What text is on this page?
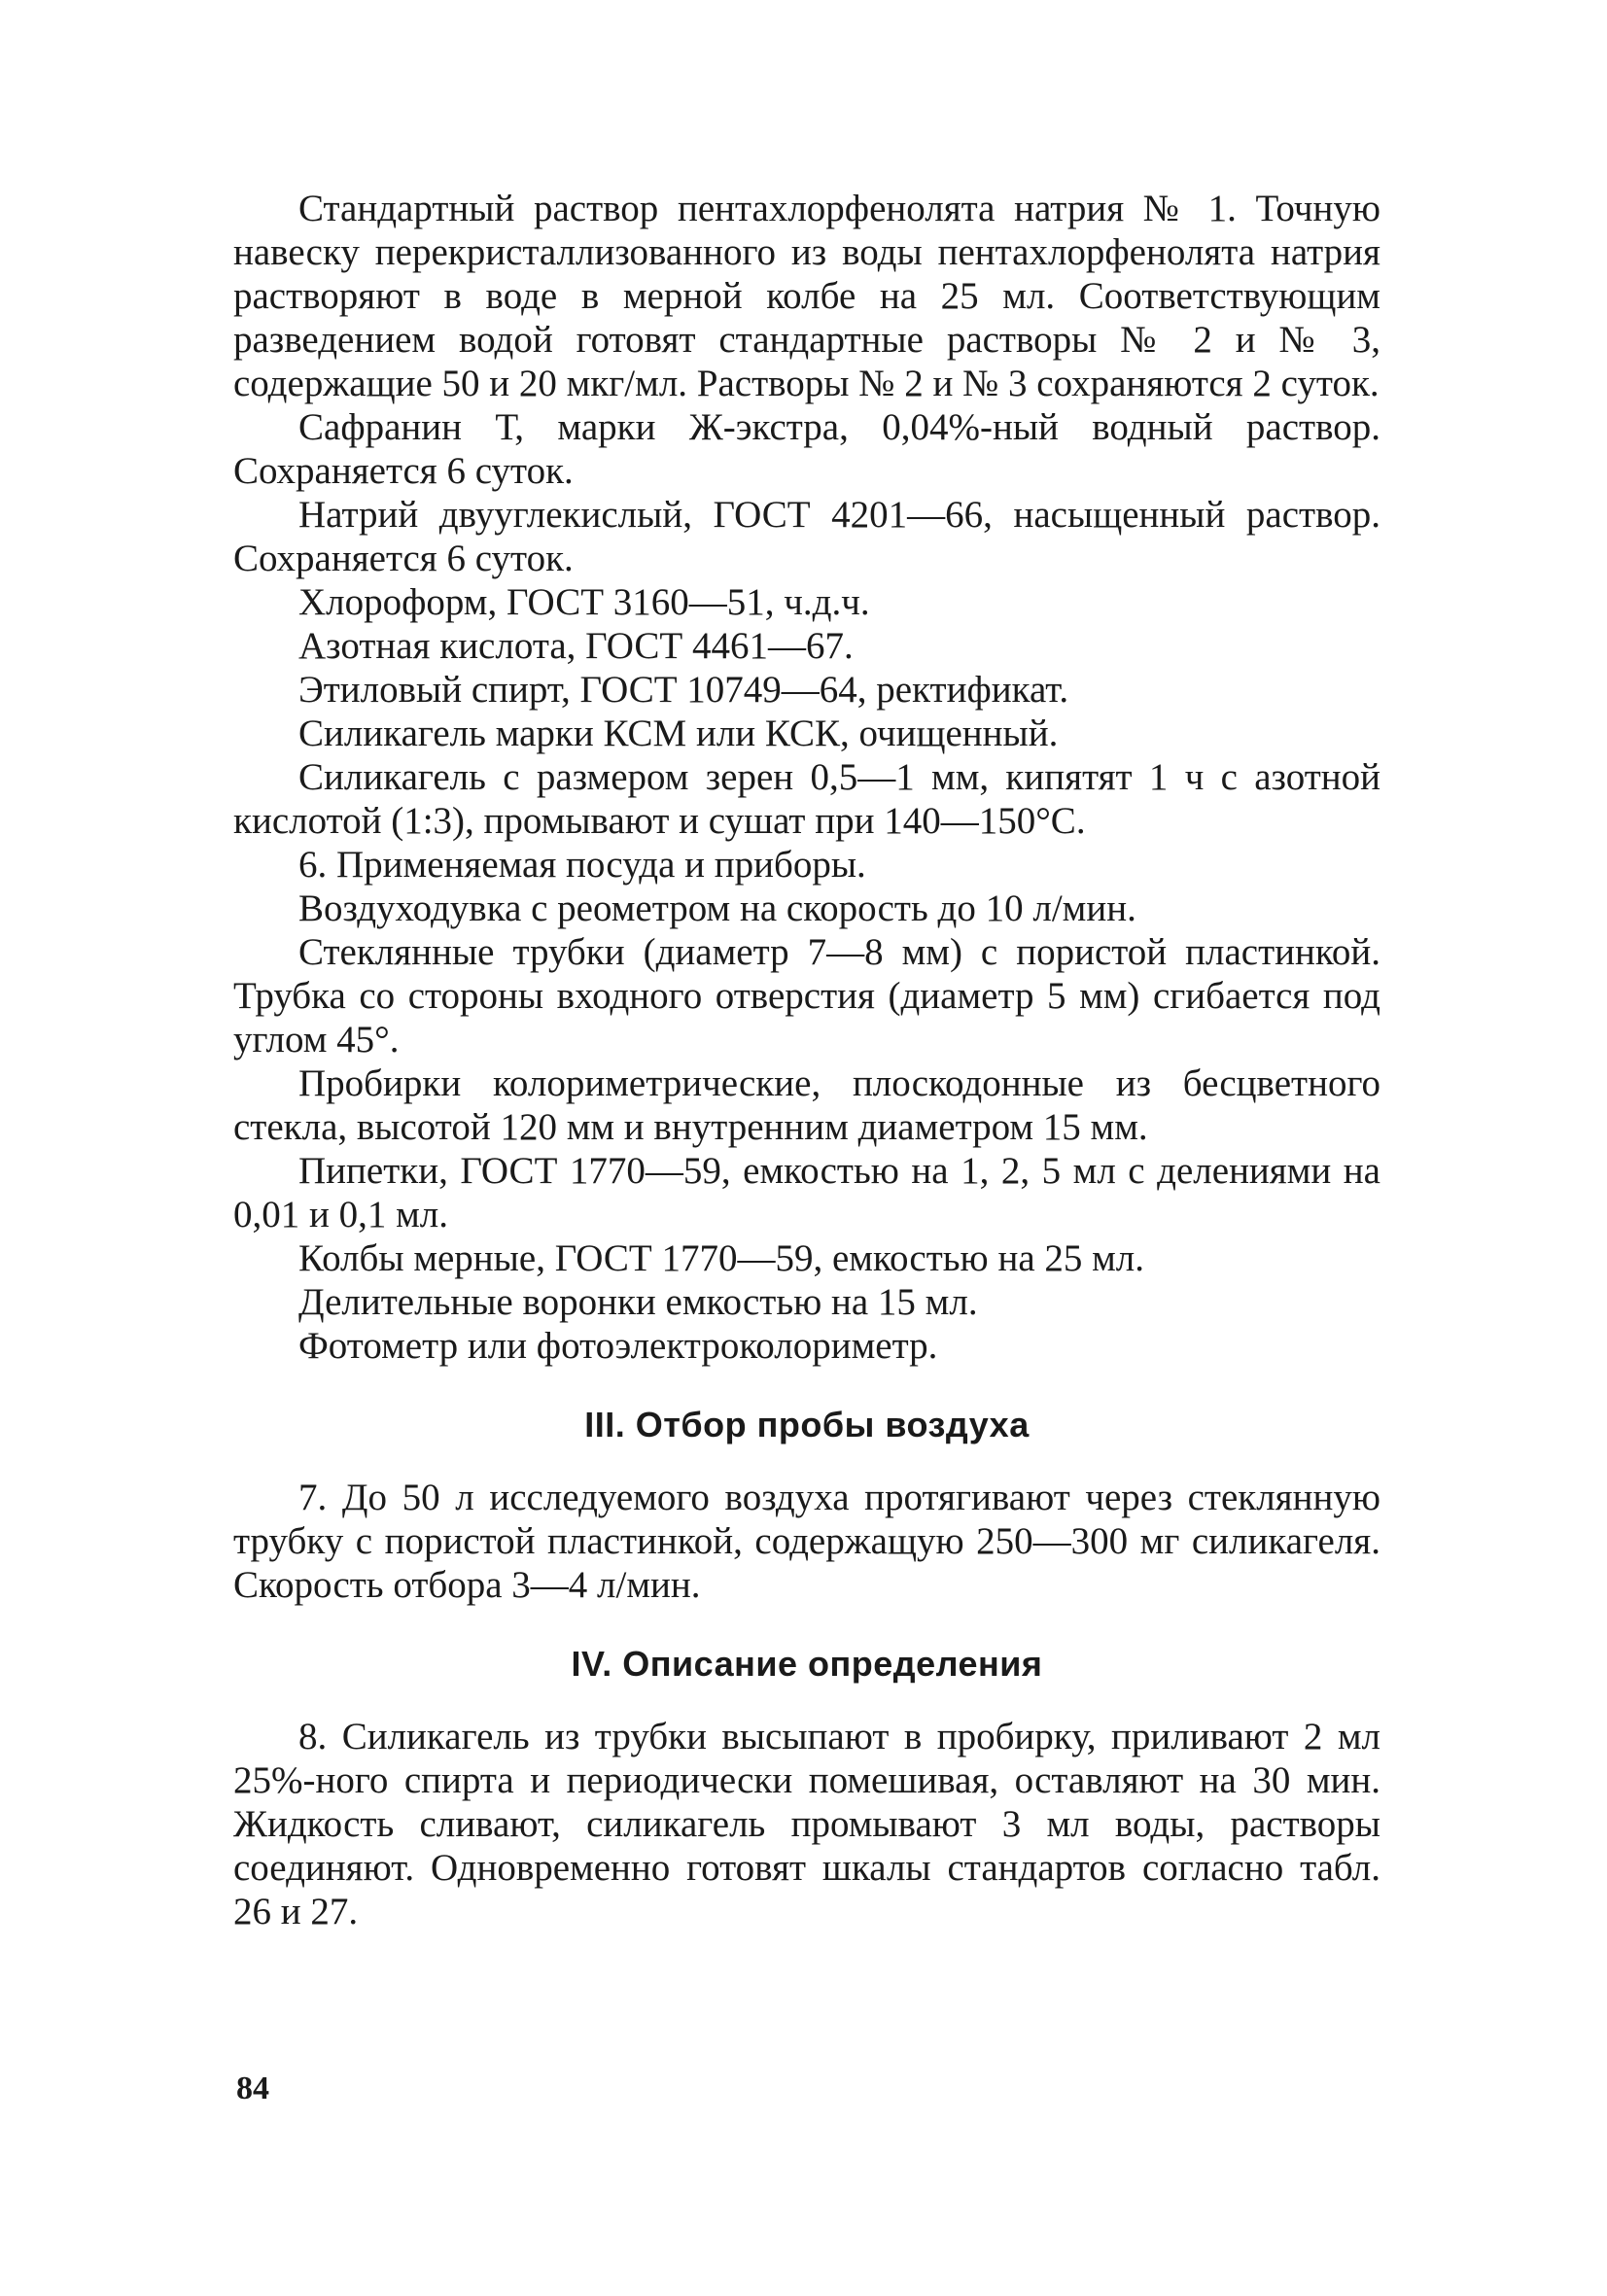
Стандартный раствор пентахлорфенолята натрия № 1. Точную навеску перекристаллизованного из воды пентахлорфенолята натрия растворяют в воде в мерной колбе на 25 мл. Соответствующим разведением водой готовят стандартные растворы № 2 и № 3, содержащие 50 и 20 мкг/мл. Растворы № 2 и № 3 сохраняются 2 суток.

Сафранин Т, марки Ж-экстра, 0,04%-ный водный раствор. Сохраняется 6 суток.

Натрий двууглекислый, ГОСТ 4201—66, насыщенный раствор. Сохраняется 6 суток.

Хлороформ, ГОСТ 3160—51, ч.д.ч.

Азотная кислота, ГОСТ 4461—67.

Этиловый спирт, ГОСТ 10749—64, ректификат.

Силикагель марки КСМ или КСК, очищенный.

Силикагель с размером зерен 0,5—1 мм, кипятят 1 ч с азотной кислотой (1:3), промывают и сушат при 140—150°С.

6. Применяемая посуда и приборы.

Воздуходувка с реометром на скорость до 10 л/мин.

Стеклянные трубки (диаметр 7—8 мм) с пористой пластинкой. Трубка со стороны входного отверстия (диаметр 5 мм) сгибается под углом 45°.

Пробирки колориметрические, плоскодонные из бесцветного стекла, высотой 120 мм и внутренним диаметром 15 мм.

Пипетки, ГОСТ 1770—59, емкостью на 1, 2, 5 мл с делениями на 0,01 и 0,1 мл.

Колбы мерные, ГОСТ 1770—59, емкостью на 25 мл.

Делительные воронки емкостью на 15 мл.

Фотометр или фотоэлектроколориметр.

III. Отбор пробы воздуха

7. До 50 л исследуемого воздуха протягивают через стеклянную трубку с пористой пластинкой, содержащую 250—300 мг силикагеля. Скорость отбора 3—4 л/мин.

IV. Описание определения

8. Силикагель из трубки высыпают в пробирку, приливают 2 мл 25%-ного спирта и периодически помешивая, оставляют на 30 мин. Жидкость сливают, силикагель промывают 3 мл воды, растворы соединяют. Одновременно готовят шкалы стандартов согласно табл. 26 и 27.

84
